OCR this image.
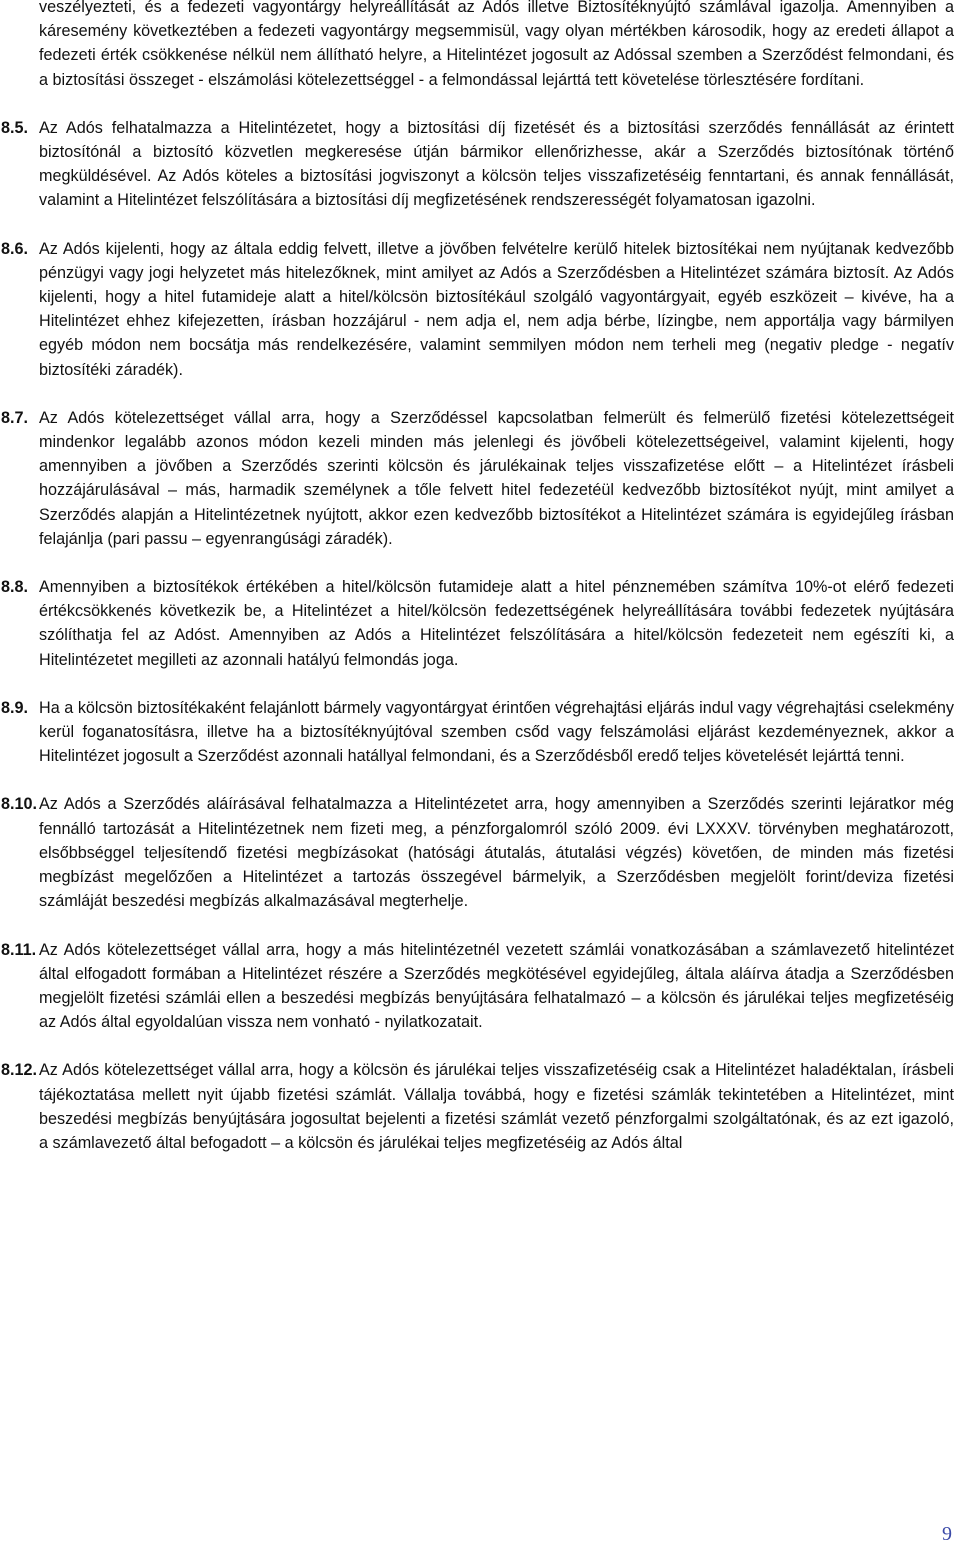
veszélyezteti, és a fedezeti vagyontárgy helyreállítását az Adós illetve Biztosítéknyújtó számlával igazolja. Amennyiben a káresemény következtében a fedezeti vagyontárgy megsemmisül, vagy olyan mértékben károsodik, hogy az eredeti állapot a fedezeti érték csökkenése nélkül nem állítható helyre, a Hitelintézet jogosult az Adóssal szemben a Szerződést felmondani, és a biztosítási összeget - elszámolási kötelezettséggel - a felmondással lejárttá tett követelése törlesztésére fordítani.

8.5. Az Adós felhatalmazza a Hitelintézetet, hogy a biztosítási díj fizetését és a biztosítási szerződés fennállását az érintett biztosítónál a biztosító közvetlen megkeresése útján bármikor ellenőrizhesse, akár a Szerződés biztosítónak történő megküldésével. Az Adós köteles a biztosítási jogviszonyt a kölcsön teljes visszafizetéséig fenntartani, és annak fennállását, valamint a Hitelintézet felszólítására a biztosítási díj megfizetésének rendszerességét folyamatosan igazolni.

8.6. Az Adós kijelenti, hogy az általa eddig felvett, illetve a jövőben felvételre kerülő hitelek biztosítékai nem nyújtanak kedvezőbb pénzügyi vagy jogi helyzetet más hitelezőknek, mint amilyet az Adós a Szerződésben a Hitelintézet számára biztosít. Az Adós kijelenti, hogy a hitel futamideje alatt a hitel/kölcsön biztosítékául szolgáló vagyontárgyait, egyéb eszközeit – kivéve, ha a Hitelintézet ehhez kifejezetten, írásban hozzájárul - nem adja el, nem adja bérbe, lízingbe, nem apportálja vagy bármilyen egyéb módon nem bocsátja más rendelkezésére, valamint semmilyen módon nem terheli meg (negativ pledge - negatív biztosítéki záradék).

8.7. Az Adós kötelezettséget vállal arra, hogy a Szerződéssel kapcsolatban felmerült és felmerülő fizetési kötelezettségeit mindenkor legalább azonos módon kezeli minden más jelenlegi és jövőbeli kötelezettségeivel, valamint kijelenti, hogy amennyiben a jövőben a Szerződés szerinti kölcsön és járulékainak teljes visszafizetése előtt – a Hitelintézet írásbeli hozzájárulásával – más, harmadik személynek a tőle felvett hitel fedezetéül kedvezőbb biztosítékot nyújt, mint amilyet a Szerződés alapján a Hitelintézetnek nyújtott, akkor ezen kedvezőbb biztosítékot a Hitelintézet számára is egyidejűleg írásban felajánlja (pari passu – egyenrangúsági záradék).

8.8. Amennyiben a biztosítékok értékében a hitel/kölcsön futamideje alatt a hitel pénznemében számítva 10%-ot elérő fedezeti értékcsökkenés következik be, a Hitelintézet a hitel/kölcsön fedezettségének helyreállítására további fedezetek nyújtására szólíthatja fel az Adóst. Amennyiben az Adós a Hitelintézet felszólítására a hitel/kölcsön fedezeteit nem egészíti ki, a Hitelintézetet megilleti az azonnali hatályú felmondás joga.

8.9. Ha a kölcsön biztosítékaként felajánlott bármely vagyontárgyat érintően végrehajtási eljárás indul vagy végrehajtási cselekmény kerül foganatosításra, illetve ha a biztosítéknyújtóval szemben csőd vagy felszámolási eljárást kezdeményeznek, akkor a Hitelintézet jogosult a Szerződést azonnali hatállyal felmondani, és a Szerződésből eredő teljes követelését lejárttá tenni.

8.10. Az Adós a Szerződés aláírásával felhatalmazza a Hitelintézetet arra, hogy amennyiben a Szerződés szerinti lejáratkor még fennálló tartozását a Hitelintézetnek nem fizeti meg, a pénzforgalomról szóló 2009. évi LXXXV. törvényben meghatározott, elsőbbséggel teljesítendő fizetési megbízásokat (hatósági átutalás, átutalási végzés) követően, de minden más fizetési megbízást megelőzően a Hitelintézet a tartozás összegével bármelyik, a Szerződésben megjelölt forint/deviza fizetési számláját beszedési megbízás alkalmazásával megterhelje.

8.11. Az Adós kötelezettséget vállal arra, hogy a más hitelintézetnél vezetett számlái vonatkozásában a számlavezető hitelintézet által elfogadott formában a Hitelintézet részére a Szerződés megkötésével egyidejűleg, általa aláírva átadja a Szerződésben megjelölt fizetési számlái ellen a beszedési megbízás benyújtására felhatalmazó – a kölcsön és járulékai teljes megfizetéséig az Adós által egyoldalúan vissza nem vonható - nyilatkozatait.

8.12. Az Adós kötelezettséget vállal arra, hogy a kölcsön és járulékai teljes visszafizetéséig csak a Hitelintézet haladéktalan, írásbeli tájékoztatása mellett nyit újabb fizetési számlát. Vállalja továbbá, hogy e fizetési számlák tekintetében a Hitelintézet, mint beszedési megbízás benyújtására jogosultat bejelenti a fizetési számlát vezető pénzforgalmi szolgáltatónak, és az ezt igazoló, a számlavezető által befogadott – a kölcsön és járulékai teljes megfizetéséig az Adós által

9
